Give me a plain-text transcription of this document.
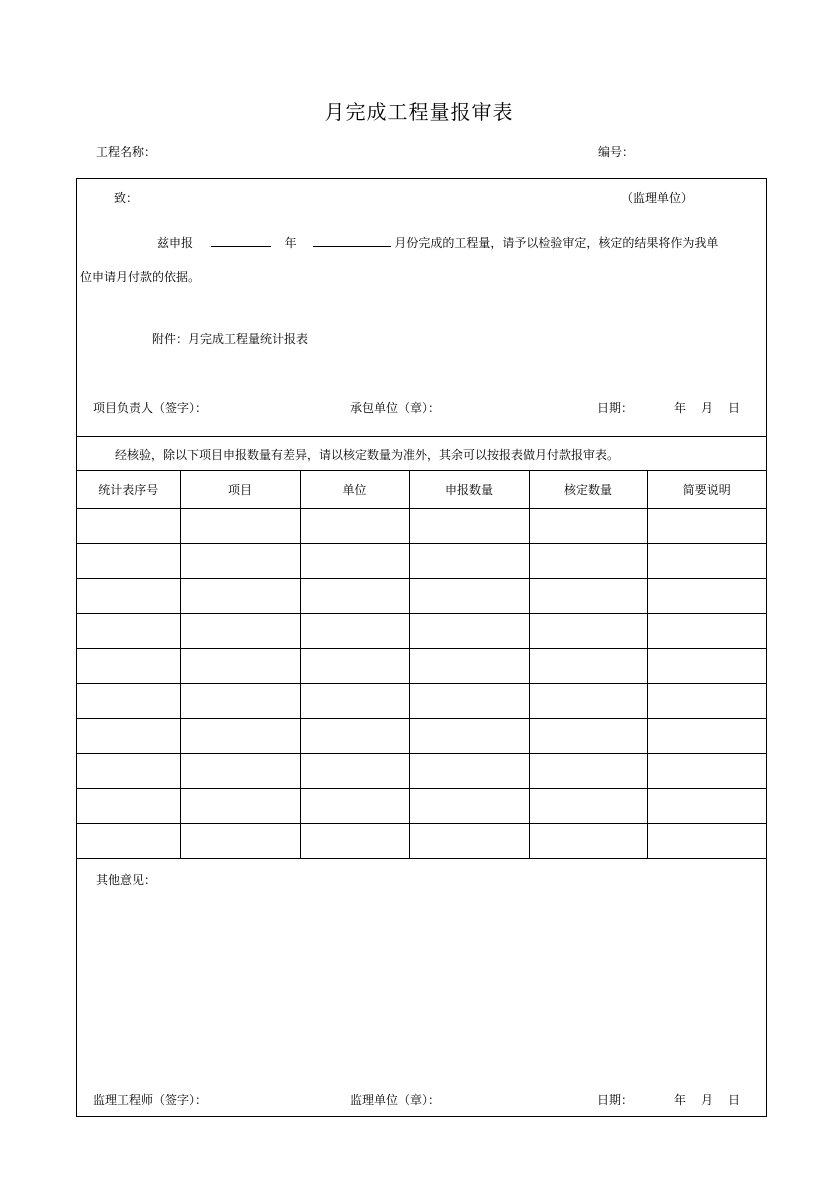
月完成工程量报审表
工程名称：	编号：
致：	（监理单位）
兹申报	年	月份完成的工程量，请予以检验审定，核定的结果将作为我单
位申请月付款的依据。
附件：月完成工程量统计报表
项目负责人（签字）：	承包单位（章）：	日期：	年 月 日
经核验，除以下项目申报数量有差异，请以核定数量为准外，其余可以按报表做月付款报审表。
统计表序号	项目	单位	申报数量	核定数量	简要说明

其他意见：
监理工程师（签字）：	监理单位（章）：	日期：	年 月 日
